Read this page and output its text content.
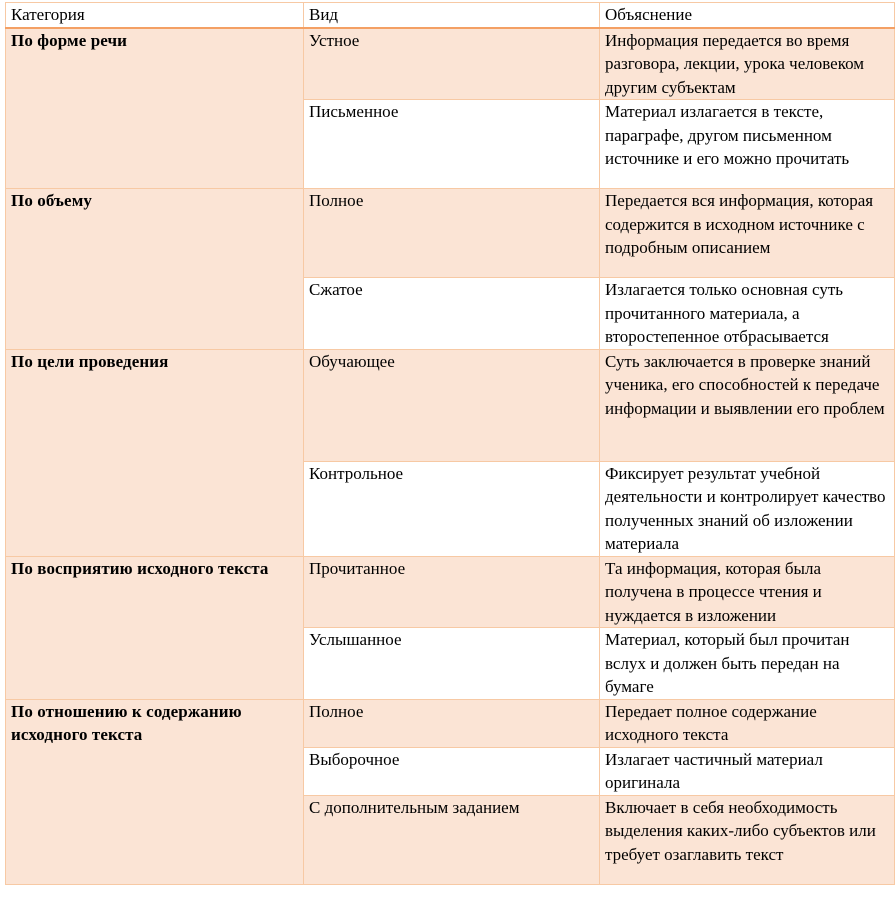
Категория	Вид	Объяснение
По форме речи	Устное	Информация передается во время разговора, лекции, урока человеком другим субъектам
	Письменное	Материал излагается в тексте, параграфе, другом письменном источнике и его можно прочитать
По объему	Полное	Передается вся информация, которая содержится в исходном источнике с подробным описанием
	Сжатое	Излагается только основная суть прочитанного материала, а второстепенное отбрасывается
По цели проведения	Обучающее	Суть заключается в проверке знаний ученика, его способностей к передаче информации и выявлении его проблем
	Контрольное	Фиксирует результат учебной деятельности и контролирует качество полученных знаний об изложении материала
По восприятию исходного текста	Прочитанное	Та информация, которая была получена в процессе чтения и нуждается в изложении
	Услышанное	Материал, который был прочитан вслух и должен быть передан на бумаге
По отношению к содержанию исходного текста	Полное	Передает полное содержание исходного текста
	Выборочное	Излагает частичный материал оригинала
	С дополнительным заданием	Включает в себя необходимость выделения каких-либо субъектов или требует озаглавить текст
